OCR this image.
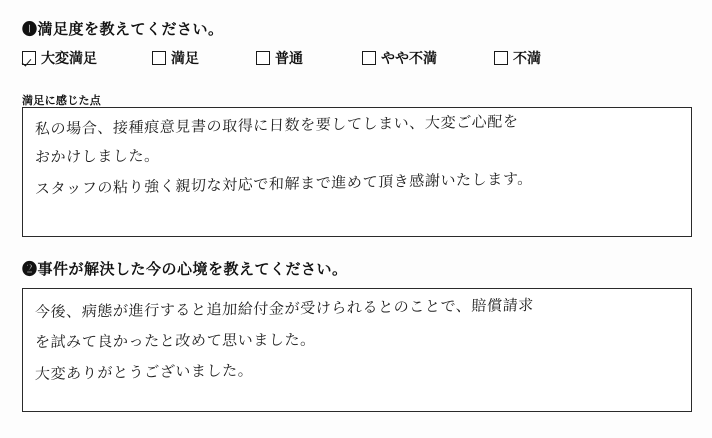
❶満足度を教えてください。
大変満足	満足	普通	やや不満	不満
満足に感じた点
私の場合、接種痕意見書の取得に日数を要してしまい、大変ご心配を
おかけしました。
スタッフの粘り強く親切な対応で和解まで進めて頂き感謝いたします。
❷事件が解決した今の心境を教えてください。
今後、病態が進行すると追加給付金が受けられるとのことで、賠償請求
を試みて良かったと改めて思いました。
大変ありがとうございました。
